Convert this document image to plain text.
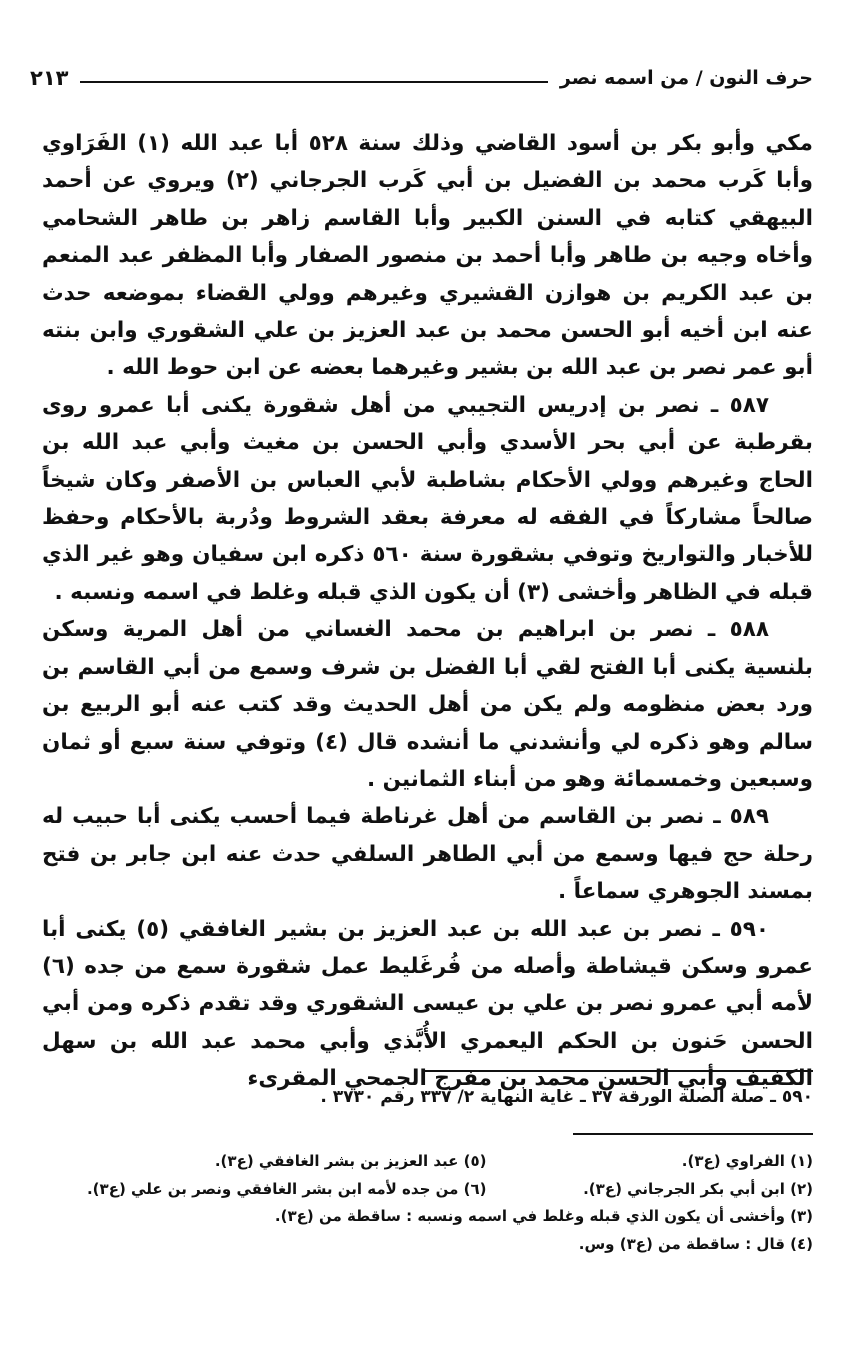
حرف النون / من اسمه نصر
٢١٣

مكي وأبو بكر بن أسود القاضي وذلك سنة ٥٢٨ أبا عبد الله (١) الفَرَاوي وأبا كَرب محمد بن الفضيل بن أبي كَرب الجرجاني (٢) ويروي عن أحمد البيهقي كتابه في السنن الكبير وأبا القاسم زاهر بن طاهر الشحامي وأخاه وجيه بن طاهر وأبا أحمد بن منصور الصفار وأبا المظفر عبد المنعم بن عبد الكريم بن هوازن القشيري وغيرهم وولي القضاء بموضعه حدث عنه ابن أخيه أبو الحسن محمد بن عبد العزيز بن علي الشقوري وابن بنته أبو عمر نصر بن عبد الله بن بشير وغيرهما بعضه عن ابن حوط الله .

٥٨٧ ـ نصر بن إدريس التجيبي من أهل شقورة يكنى أبا عمرو روى بقرطبة عن أبي بحر الأسدي وأبي الحسن بن مغيث وأبي عبد الله بن الحاج وغيرهم وولي الأحكام بشاطبة لأبي العباس بن الأصفر وكان شيخاً صالحاً مشاركاً في الفقه له معرفة بعقد الشروط ودُربة بالأحكام وحفظ للأخبار والتواريخ وتوفي بشقورة سنة ٥٦٠ ذكره ابن سفيان وهو غير الذي قبله في الظاهر وأخشى (٣) أن يكون الذي قبله وغلط في اسمه ونسبه .

٥٨٨ ـ نصر بن ابراهيم بن محمد الغساني من أهل المرية وسكن بلنسية يكنى أبا الفتح لقي أبا الفضل بن شرف وسمع من أبي القاسم بن ورد بعض منظومه ولم يكن من أهل الحديث وقد كتب عنه أبو الربيع بن سالم وهو ذكره لي وأنشدني ما أنشده قال (٤) وتوفي سنة سبع أو ثمان وسبعين وخمسمائة وهو من أبناء الثمانين .

٥٨٩ ـ نصر بن القاسم من أهل غرناطة فيما أحسب يكنى أبا حبيب له رحلة حج فيها وسمع من أبي الطاهر السلفي حدث عنه ابن جابر بن فتح بمسند الجوهري سماعاً .

٥٩٠ ـ نصر بن عبد الله بن عبد العزيز بن بشير الغافقي (٥) يكنى أبا عمرو وسكن قيشاطة وأصله من فُرغَليط عمل شقورة سمع من جده (٦) لأمه أبي عمرو نصر بن علي بن عيسى الشقوري وقد تقدم ذكره ومن أبي الحسن حَنون بن الحكم اليعمري الأُبَّذي وأبي محمد عبد الله بن سهل الكفيف وأبي الحسن محمد بن مفرج الجمحي المقرىء

٥٩٠ ـ صلة الصلة الورقة ٣٧ ـ غاية النهاية ٢/ ٣٣٧ رقم ٣٧٣٠ .
(١) الفراوي (ع٣).
(٥) عبد العزيز بن بشر الغافقي (ع٣).
(٢) ابن أبي بكر الجرجاني (ع٣).
(٦) من جده لأمه ابن بشر الغافقي ونصر بن علي (ع٣).
(٣) وأخشى أن يكون الذي قبله وغلط في اسمه ونسبه : ساقطة من (ع٣).
(٤) قال : ساقطة من (ع٣) وس.
